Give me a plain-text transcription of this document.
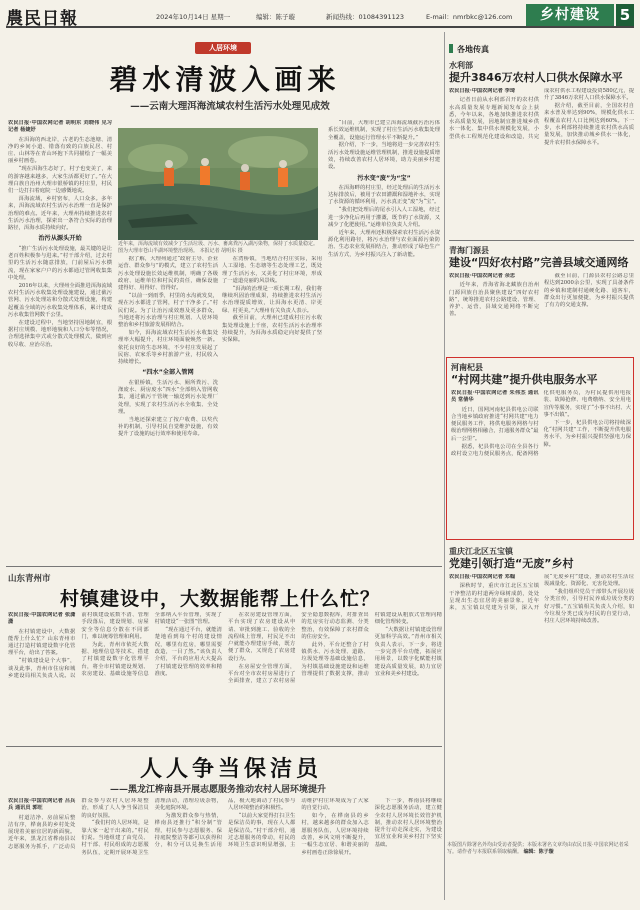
農民日報	2024年10月14日 星期一	编辑：陈子璇	新闻热线：01084391123	E-mail：nmrbkc@126.com	乡村建设	5
人居环境
碧水清波入画来
——云南大理洱海流域农村生活污水处理见成效
农民日报·中国农网记者 胡明东 刘晓伟 见习记者 杨婕妤

在洱海的西北岸，古老的生态池塘、清净的乡间小道、错落有致的白族民居、村庄、山林等在青山环抱下共同描绘了一幅美丽乡村画卷。

“现在洱海生态好了，村子也变美了，来的游客越来越多，大家生活都更好了。”在大理白族自治州大理市银桥镇的村庄里，村民们一边打扫着庭院一边感慨地说。

洱海流域，乡村密布，人口众多。多年来，洱海流域农村生活污水治理一直是保护治理的难点。近年来，大理州持续推进农村生活污水治理，探索出一条符合实际的治理路径，洱海水质持续向好。

治污从源头开始

“推广生活污水处理设施，最关键的是让老百姓积极参与进来。”村干部介绍，过去村里的生活污水随意排放，门前屋后污水横流，现在家家户户的污水都通过管网收集集中处理。

2016年以来，大理州全面推进洱海流域农村生活污水收集处理设施建设，通过截污管网、污水处理站和分散式处理设施，构建起覆盖全域的污水收集处理体系，累计建成污水收集管网数千公里。

在建设过程中，当地坚持因地制宜，根据村庄规模、地形地貌和人口分布等情况，合理选择集中式或分散式处理模式，做到应收尽收、应治尽治。

近年来，洱海流域有效减少了生活垃圾、污水、畜禽粪污入湖污染物，保持了水质量稳定。图为大理市苍山半湖环境整治现场。 本报记者 胡明东 摄

据了解，大理州通过“政府主导、企业运营、群众参与”的模式，建立了农村生活污水处理设施长效运维机制，明确了各级政府、运维单位和村民的责任，确保设施建得好、用得好、管得好。

“以前一到雨季，村里的水沟就发臭，现在污水都进了管网，村子干净多了。”村民们说。为了让治污成效惠及更多群众，当地还将污水治理与村庄规划、人居环境整治和乡村旅游发展相结合。

如今，洱海流域农村生活污水收集处理率大幅提升，村庄环境面貌焕然一新。依托良好的生态环境，不少村庄发展起了民宿、农家乐等乡村旅游产业，村民收入持续增长。

“四水”全部入管网

在银桥镇，生活污水、厕所粪污、洗涤废水、厨房废水“四水”全部纳入管网收集，通过截污干管统一输送到污水处理厂处理，实现了农村生活污水全收集、全处理。

当地还探索建立了按户收费、以奖代补的机制，引导村民自觉维护设施，有效提升了设施的运行效率和使用寿命。

在湾桥镇，当地结合村庄实际，采用人工湿地、生态塘等生态处理工艺，既处理了生活污水，又美化了村庄环境，形成了一道道亮丽的风景线。

“洱海的治理是一项长期工程，我们将继续巩固治理成果，持续推进农村生活污水治理提质增效，让洱海水更清、岸更绿、村更美。”大理州有关负责人表示。

截至目前，大理州已建成村庄污水收集处理设施上千座，农村生活污水治理率持续提升，为洱海水质稳定向好提供了坚实保障。

“目前，大理市已建立洱海流域截污治污体系长效运维机制，实现了村庄生活污水收集处理全覆盖，设施运行管理水平不断提升。”

据介绍，下一步，当地将进一步完善农村生活污水处理设施运维管理机制，推进设施提质增效，持续改善农村人居环境，助力美丽乡村建设。

污水变“废”为“宝”

在洱海畔的村庄里，经过处理后的生活污水达标排放后，被用于农田灌溉和湿地补水，实现了水资源的循环利用，污水真正变“废”为“宝”。

“我们把处理后的尾水引入人工湿地，经过进一步净化后再用于灌溉，既节约了水资源，又减少了化肥使用。”运维单位负责人介绍。

近年来，大理州还积极探索农村生活污水资源化利用路径，将污水治理与农业面源污染防治、生态农业发展相结合，推动形成了绿色生产生活方式，为乡村振兴注入了新动能。

各地传真
水利部
提升3846万农村人口供水保障水平
农民日报·中国农网记者 李琦

记者日前从水利部召开的农村供水高质量发展专题新闻发布会上获悉，今年以来，各地加快推进农村供水高质量发展，因地制宜推进城乡供水一体化、集中供水规模化发展，小型供水工程规范化建设和改造，共完成农村供水工程建设投资580亿元，提升了3846万农村人口供水保障水平。

据介绍，截至目前，全国农村自来水普及率达到90%，规模化供水工程覆盖农村人口比例达到60%。下一步，水利部将持续推进农村供水高质量发展，加快推动城乡供水一体化，提升农村供水保障水平。

青海门源县
建设“四好农村路”完善县域交通网络
农民日报·中国农网记者 余忠

近年来，青海省海北藏族自治州门源回族自治县聚焦建设“四好农村路”，统筹推进农村公路建设、管理、养护、运营，县域交通网络不断完善。

截至目前，门源县农村公路总里程达到2000余公里，实现了具备条件的乡镇和建制村通硬化路、通客车，群众出行更加便捷，为乡村振兴提供了有力的交通支撑。

河南杞县
“村网共建”提升供电服务水平
农民日报·中国农网记者 朱伟杰 通讯员 常倩华

近日，国网河南杞县供电公司联合当地乡镇政府推进“村网共建”电力便民服务工作，将供电服务网格与村级治理网格相融合，打通服务群众“最后一公里”。

据悉，杞县供电公司在全县各行政村设立电力便民服务点，配备网格化供电服务员，为村民提供用电报装、故障抢修、电费缴纳、安全用电宣传等服务，实现了“小事不出村、大事不出镇”。

下一步，杞县供电公司将持续深化“村网共建”工作，不断提升供电服务水平，为乡村振兴提供坚强电力保障。

重庆江北区五宝镇
党建引领打造“无废”乡村
农民日报·中国农网记者 邓翰

深秋时节，重庆市江北区五宝镇干净整洁的村道两旁绿树成荫，处处呈现出生态宜居的美丽景象。近年来，五宝镇以党建为引领，深入开展“无废乡村”建设，推动农村生活垃圾减量化、资源化、无害化处理。

“我们组织党员干部带头开展垃圾分类宣传，引导村民养成垃圾分类的好习惯。”五宝镇相关负责人介绍，如今垃圾分类已成为村民的自觉行动，村庄人居环境持续改善。

本版图片除署名外均由受访者提供；本版未署名文章均由农民日报·中国农网记者采写。请作者与本报联系领取稿酬。 编辑：陈子璇
山东青州市
村镇建设中，大数据能帮上什么忙？
农民日报·中国农网记者 张潇潇

在村镇建设中，大数据能帮上什么忙？山东青州市通过打造村镇建设数字化管理平台，给出了答案。

“村镇建设是个大事”，谈及此事，青州市住房和城乡建设局相关负责人说。以前村镇建设底数不清、管理手段落后，建设规划、房屋安全等信息分散在不同部门，难以统筹管理和利用。

为此，青州市依托大数据、地理信息等技术，搭建了村镇建设数字化管理平台，将全市村镇建设规划、农房建设、基础设施等信息全部纳入平台管理，实现了村镇建设“一张图”管理。

“现在通过平台，就能清楚地看到每个村的建设情况，哪里有危房，哪里需要改造，一目了然。”该负责人介绍，平台的应用大大提高了村镇建设管理的效率和精准度。

在农房建设管理方面，平台实现了农房建设从申请、审批到施工、验收的全流程线上管理，村民足不出户就能办理建房手续，既方便了群众，又规范了农房建设行为。

在房屋安全管理方面，平台对全市农村房屋进行了全面排查，建立了农村房屋安全隐患数据库，对排查出的危房实行动态监测、分类整治，有效保障了农村群众的住房安全。

此外，平台还整合了村镇供水、污水处理、道路、垃圾处理等基础设施信息，为村镇基础设施建设和运维管理提供了数据支撑，推动村镇建设从粗放式管理向精细化管理转变。

“大数据让村镇建设管理更加科学高效。”青州市相关负责人表示，下一步，将进一步完善平台功能，拓展应用场景，以数字化赋能村镇建设高质量发展，助力宜居宜业和美乡村建设。

人人争当保洁员
——黑龙江桦南县开展志愿服务推动农村人居环境提升
农民日报·中国农网记者 吕兵兵 通讯员 郭旺

村道洁净、房前屋后整洁有序，桦南县的乡村处处展现着美丽宜居的新面貌。近年来，黑龙江省桦南县以志愿服务为抓手，广泛动员群众参与农村人居环境整治，形成了人人争当保洁员的良好氛围。

“我们村的人居环境，是靠大家一起干出来的。”村民们说。当地组建了由党员、村干部、村民组成的志愿服务队伍，定期开展环境卫生清理活动，清理垃圾杂物，美化庭院环境。

为激发群众参与热情，桦南县还推行“积分制”管理，村民参与志愿服务、保持庭院整洁等都可以获得积分，积分可以兑换生活用品，极大地调动了村民参与人居环境整治的积极性。

“以前大家觉得打扫卫生是保洁员的事，现在人人都是保洁员。”村干部介绍，通过志愿服务的带动，村民的环境卫生意识明显增强，主动维护村庄环境成为了大家的自觉行动。

如今，在桦南县的乡村，越来越多的群众加入志愿服务队伍，人居环境持续改善，乡风文明不断提升，一幅生态宜居、和谐美丽的乡村画卷正徐徐展开。

下一步，桦南县将继续深化志愿服务活动，建立健全农村人居环境长效管护机制，推动农村人居环境整治提升行动走深走实，为建设宜居宜业和美乡村打下坚实基础。
